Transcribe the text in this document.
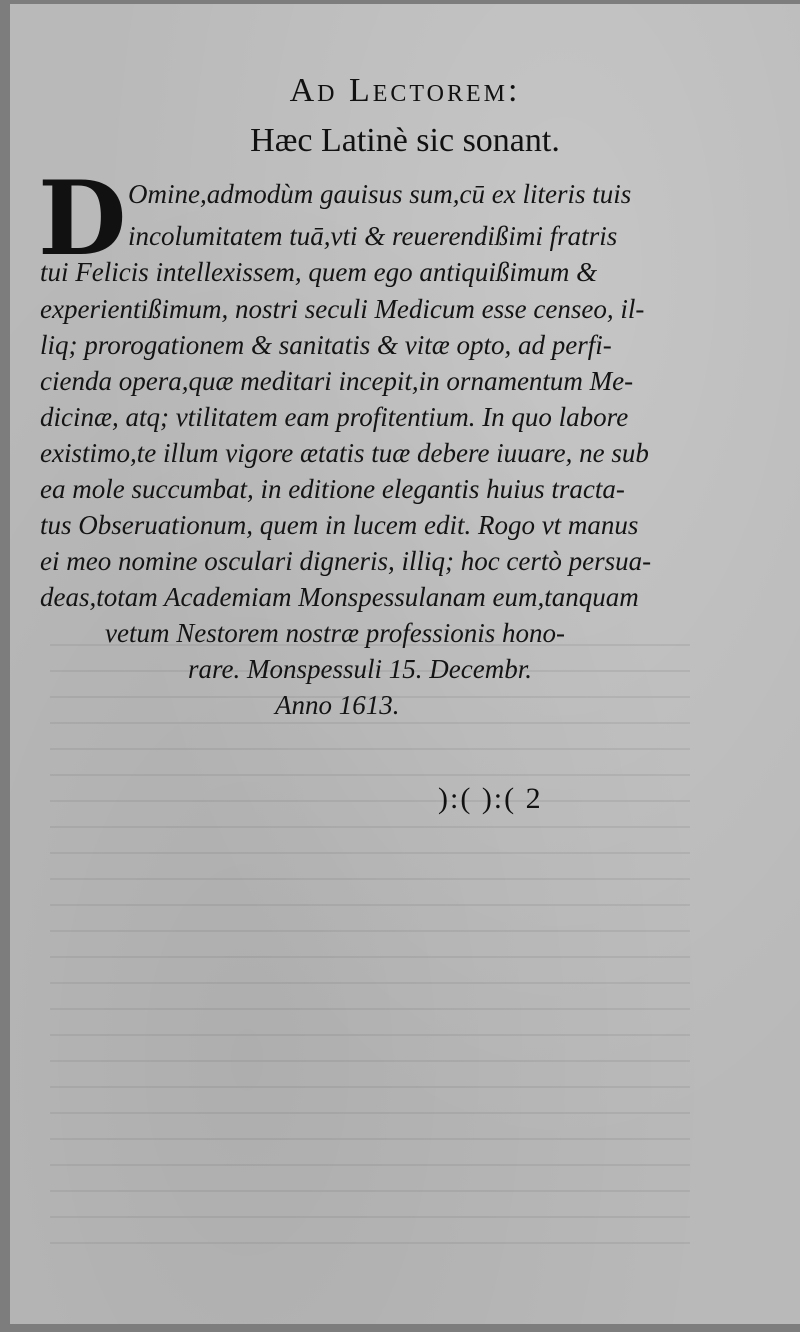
Ad Lectorem:
Hæc Latinè sic sonant.
D Omine,admodùm gauisus sum,cū ex literis tuis

incolumitatem tuā,vti & reuerendißimi fratris

tui Felicis intellexissem, quem ego antiquißimum &

experientißimum, nostri seculi Medicum esse censeo, il-

liq; prorogationem & sanitatis & vitæ opto, ad perfi-

cienda opera,quæ meditari incepit,in ornamentum Me-

dicinæ, atq; vtilitatem eam profitentium. In quo labore

existimo,te illum vigore ætatis tuæ debere iuuare, ne sub

ea mole succumbat, in editione elegantis huius tracta-

tus Obseruationum, quem in lucem edit. Rogo vt manus

ei meo nomine osculari digneris, illiq; hoc certò persua-

deas,totam Academiam Monspessulanam eum,tanquam

vetum Nestorem nostræ professionis hono-

rare. Monspessuli 15. Decembr.

Anno 1613.

):( ):( 2
